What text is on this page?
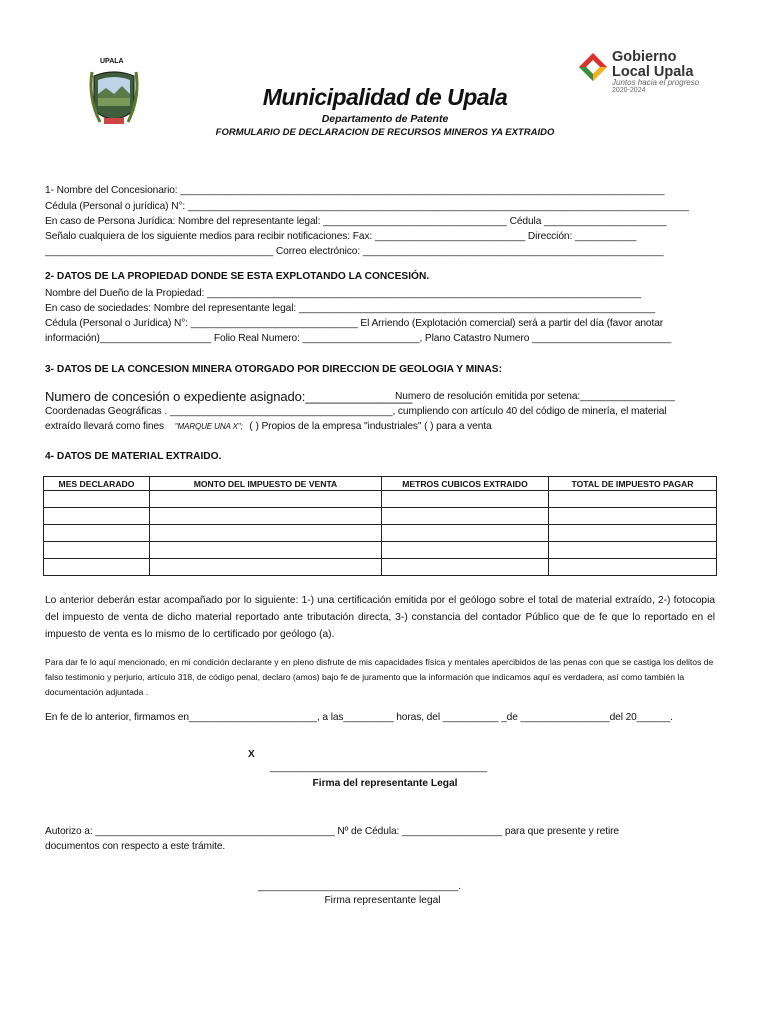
UPALA	Gobierno
Local Upala
Juntos hacia el progreso
2020-2024
Municipalidad de Upala
Departamento de Patente
FORMULARIO DE DECLARACION DE RECURSOS MINEROS YA EXTRAIDO
1- Nombre del Concesionario: _______________________________________________________________________________________
Cédula (Personal o jurídica) N°: __________________________________________________________________________________________
En caso de Persona Jurídica: Nombre del representante legal: _________________________________ Cédula ______________________
Señalo cualquiera de los siguiente medios para recibir notificaciones: Fax: ___________________________ Dirección: ___________
_________________________________________ Correo electrónico: ______________________________________________________
2- DATOS DE LA PROPIEDAD DONDE SE ESTA EXPLOTANDO LA CONCESIÓN.
Nombre del Dueño de la Propiedad: ______________________________________________________________________________
En caso de sociedades: Nombre del representante legal: ________________________________________________________________
Cédula (Personal o Jurídica) N°: ______________________________ El Arriendo (Explotación comercial) será a partir del día (favor anotar
información)____________________ Folio Real Numero: _____________________, Plano Catastro Numero _________________________
3- DATOS DE LA CONCESION MINERA OTORGADO POR DIRECCION DE GEOLOGIA Y MINAS:
Numero de concesión o expediente asignado:_______________
Numero de resolución emitida por setena:_________________
Coordenadas Geográficas . ________________________________________, cumpliendo con artículo 40 del código de minería, el material
extraído llevará como fines "MARQUE UNA X"; ( ) Propios de la empresa "industriales" ( ) para a venta
4- DATOS DE MATERIAL EXTRAIDO.
MES DECLARADO	MONTO DEL IMPUESTO DE VENTA	METROS CUBICOS EXTRAIDO	TOTAL DE IMPUESTO PAGAR

Lo anterior deberán estar acompañado por lo siguiente: 1-) una certificación emitida por el geólogo sobre el total de material extraído, 2-) fotocopia del impuesto de venta de dicho material reportado ante tributación directa, 3-) constancia del contador Público que de fe que lo reportado en el impuesto de venta es lo mismo de lo certificado por geólogo (a).
Para dar fe lo aquí mencionado, en mi condición declarante y en pleno disfrute de mis capacidades física y mentales apercibidos de las penas con que se castiga los delitos de falso testimonio y perjurio, artículo 318, de código penal, declaro (amos) bajo fe de juramento que la información que indicamos aquí es verdadera, así como también la documentación adjuntada .
En fe de lo anterior, firmamos en_______________________, a las_________ horas, del __________ _de ________________del 20______.
X
_______________________________________
Firma del representante Legal
Autorizo a: ___________________________________________ Nº de Cédula: __________________ para que presente y retire
documentos con respecto a este trámite.
____________________________________.
Firma representante legal
